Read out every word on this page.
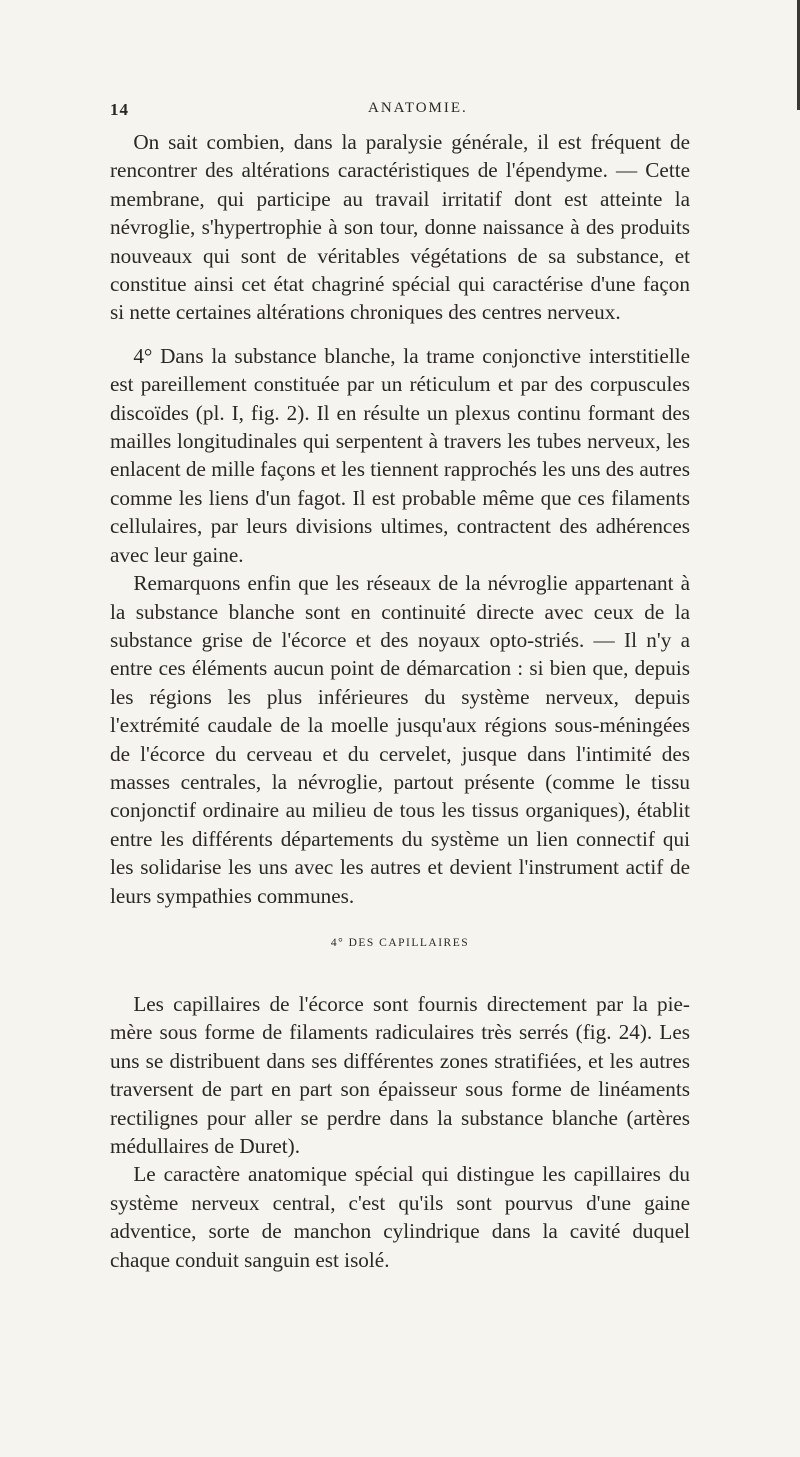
14	ANATOMIE.

On sait combien, dans la paralysie générale, il est fréquent de rencontrer des altérations caractéristiques de l'épendyme. — Cette membrane, qui participe au travail irritatif dont est atteinte la névroglie, s'hypertrophie à son tour, donne naissance à des produits nouveaux qui sont de véritables végétations de sa substance, et constitue ainsi cet état chagriné spécial qui caractérise d'une façon si nette certaines altérations chroniques des centres nerveux.

4° Dans la substance blanche, la trame conjonctive interstitielle est pareillement constituée par un réticulum et par des corpuscules discoïdes (pl. I, fig. 2). Il en résulte un plexus continu formant des mailles longitudinales qui serpentent à travers les tubes nerveux, les enlacent de mille façons et les tiennent rapprochés les uns des autres comme les liens d'un fagot. Il est probable même que ces filaments cellulaires, par leurs divisions ultimes, contractent des adhérences avec leur gaine.

Remarquons enfin que les réseaux de la névroglie appartenant à la substance blanche sont en continuité directe avec ceux de la substance grise de l'écorce et des noyaux opto-striés. — Il n'y a entre ces éléments aucun point de démarcation : si bien que, depuis les régions les plus inférieures du système nerveux, depuis l'extrémité caudale de la moelle jusqu'aux régions sous-méningées de l'écorce du cerveau et du cervelet, jusque dans l'intimité des masses centrales, la névroglie, partout présente (comme le tissu conjonctif ordinaire au milieu de tous les tissus organiques), établit entre les différents départements du système un lien connectif qui les solidarise les uns avec les autres et devient l'instrument actif de leurs sympathies communes.

4° DES CAPILLAIRES

Les capillaires de l'écorce sont fournis directement par la pie-mère sous forme de filaments radiculaires très serrés (fig. 24). Les uns se distribuent dans ses différentes zones stratifiées, et les autres traversent de part en part son épaisseur sous forme de linéaments rectilignes pour aller se perdre dans la substance blanche (artères médullaires de Duret).

Le caractère anatomique spécial qui distingue les capillaires du système nerveux central, c'est qu'ils sont pourvus d'une gaine adventice, sorte de manchon cylindrique dans la cavité duquel chaque conduit sanguin est isolé.
